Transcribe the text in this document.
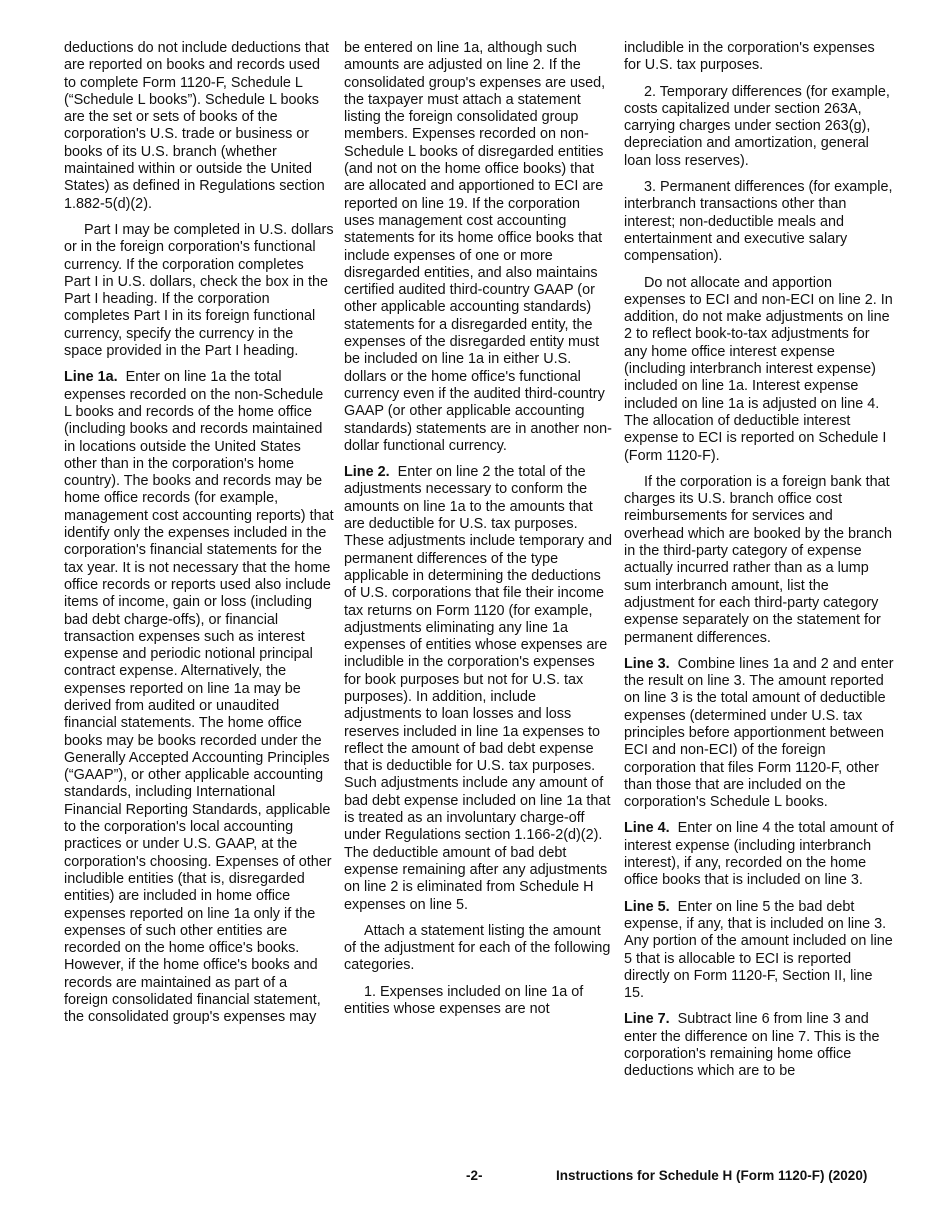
deductions do not include deductions that are reported on books and records used to complete Form 1120-F, Schedule L (“Schedule L books”). Schedule L books are the set or sets of books of the corporation's U.S. trade or business or books of its U.S. branch (whether maintained within or outside the United States) as defined in Regulations section 1.882-5(d)(2).

Part I may be completed in U.S. dollars or in the foreign corporation's functional currency. If the corporation completes Part I in U.S. dollars, check the box in the Part I heading. If the corporation completes Part I in its foreign functional currency, specify the currency in the space provided in the Part I heading.

Line 1a. Enter on line 1a the total expenses recorded on the non-Schedule L books and records of the home office (including books and records maintained in locations outside the United States other than in the corporation's home country). The books and records may be home office records (for example, management cost accounting reports) that identify only the expenses included in the corporation's financial statements for the tax year. It is not necessary that the home office records or reports used also include items of income, gain or loss (including bad debt charge-offs), or financial transaction expenses such as interest expense and periodic notional principal contract expense. Alternatively, the expenses reported on line 1a may be derived from audited or unaudited financial statements. The home office books may be books recorded under the Generally Accepted Accounting Principles (“GAAP”), or other applicable accounting standards, including International Financial Reporting Standards, applicable to the corporation's local accounting practices or under U.S. GAAP, at the corporation's choosing. Expenses of other includible entities (that is, disregarded entities) are included in home office expenses reported on line 1a only if the expenses of such other entities are recorded on the home office's books. However, if the home office's books and records are maintained as part of a foreign consolidated financial statement, the consolidated group's expenses may

be entered on line 1a, although such amounts are adjusted on line 2. If the consolidated group's expenses are used, the taxpayer must attach a statement listing the foreign consolidated group members. Expenses recorded on non-Schedule L books of disregarded entities (and not on the home office books) that are allocated and apportioned to ECI are reported on line 19. If the corporation uses management cost accounting statements for its home office books that include expenses of one or more disregarded entities, and also maintains certified audited third-country GAAP (or other applicable accounting standards) statements for a disregarded entity, the expenses of the disregarded entity must be included on line 1a in either U.S. dollars or the home office's functional currency even if the audited third-country GAAP (or other applicable accounting standards) statements are in another non-dollar functional currency.

Line 2. Enter on line 2 the total of the adjustments necessary to conform the amounts on line 1a to the amounts that are deductible for U.S. tax purposes. These adjustments include temporary and permanent differences of the type applicable in determining the deductions of U.S. corporations that file their income tax returns on Form 1120 (for example, adjustments eliminating any line 1a expenses of entities whose expenses are includible in the corporation's expenses for book purposes but not for U.S. tax purposes). In addition, include adjustments to loan losses and loss reserves included in line 1a expenses to reflect the amount of bad debt expense that is deductible for U.S. tax purposes. Such adjustments include any amount of bad debt expense included on line 1a that is treated as an involuntary charge-off under Regulations section 1.166-2(d)(2). The deductible amount of bad debt expense remaining after any adjustments on line 2 is eliminated from Schedule H expenses on line 5.

Attach a statement listing the amount of the adjustment for each of the following categories.

1. Expenses included on line 1a of entities whose expenses are not

includible in the corporation's expenses for U.S. tax purposes.

2. Temporary differences (for example, costs capitalized under section 263A, carrying charges under section 263(g), depreciation and amortization, general loan loss reserves).

3. Permanent differences (for example, interbranch transactions other than interest; non-deductible meals and entertainment and executive salary compensation).

Do not allocate and apportion expenses to ECI and non-ECI on line 2. In addition, do not make adjustments on line 2 to reflect book-to-tax adjustments for any home office interest expense (including interbranch interest expense) included on line 1a. Interest expense included on line 1a is adjusted on line 4. The allocation of deductible interest expense to ECI is reported on Schedule I (Form 1120-F).

If the corporation is a foreign bank that charges its U.S. branch office cost reimbursements for services and overhead which are booked by the branch in the third-party category of expense actually incurred rather than as a lump sum interbranch amount, list the adjustment for each third-party category expense separately on the statement for permanent differences.

Line 3. Combine lines 1a and 2 and enter the result on line 3. The amount reported on line 3 is the total amount of deductible expenses (determined under U.S. tax principles before apportionment between ECI and non-ECI) of the foreign corporation that files Form 1120-F, other than those that are included on the corporation's Schedule L books.

Line 4. Enter on line 4 the total amount of interest expense (including interbranch interest), if any, recorded on the home office books that is included on line 3.

Line 5. Enter on line 5 the bad debt expense, if any, that is included on line 3. Any portion of the amount included on line 5 that is allocable to ECI is reported directly on Form 1120-F, Section II, line 15.

Line 7. Subtract line 6 from line 3 and enter the difference on line 7. This is the corporation's remaining home office deductions which are to be

-2-	Instructions for Schedule H (Form 1120-F) (2020)
